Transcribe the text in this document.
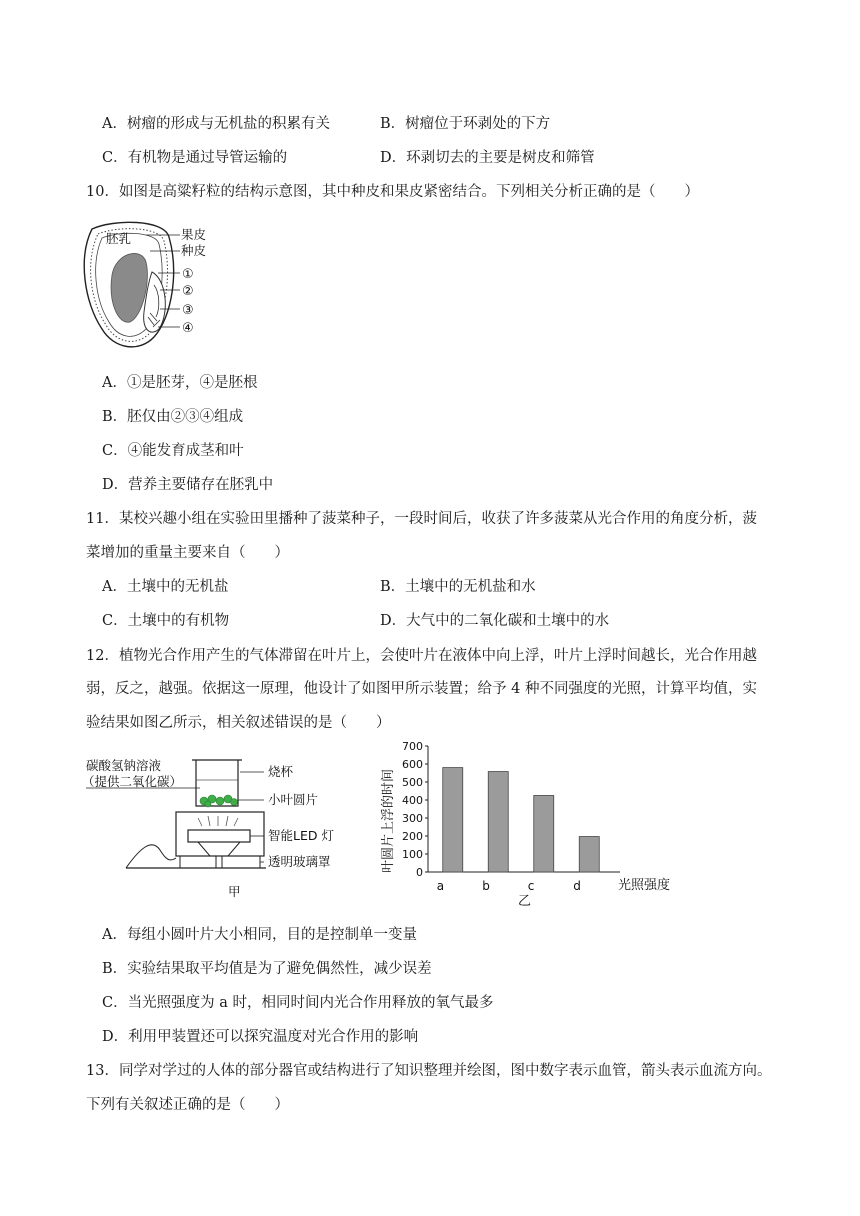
A．树瘤的形成与无机盐的积累有关	B．树瘤位于环剥处的下方
C．有机物是通过导管运输的	D．环剥切去的主要是树皮和筛管
10．如图是高粱籽粒的结构示意图，其中种皮和果皮紧密结合。下列相关分析正确的是（　　）
胚乳	果皮
种皮
①
②
③
④
A．①是胚芽，④是胚根
B．胚仅由②③④组成
C．④能发育成茎和叶
D．营养主要储存在胚乳中
11．某校兴趣小组在实验田里播种了菠菜种子，一段时间后，收获了许多菠菜从光合作用的角度分析，菠
菜增加的重量主要来自（　　）
A．土壤中的无机盐	B．土壤中的无机盐和水
C．土壤中的有机物	D．大气中的二氧化碳和土壤中的水
12．植物光合作用产生的气体滞留在叶片上，会使叶片在液体中向上浮，叶片上浮时间越长，光合作用越
弱，反之，越强。依据这一原理，他设计了如图甲所示装置；给予 4 种不同强度的光照，计算平均值，实
验结果如图乙所示，相关叙述错误的是（　　）
碳酸氢钠溶液
（提供二氧化碳）
烧杯
小叶圆片
智能LED 灯
透明玻璃罩
甲
叶圆片上浮的时间 0
100
200
300
400
500
600
700
a	b	c	d	光照强度
乙
A．每组小圆叶片大小相同，目的是控制单一变量
B．实验结果取平均值是为了避免偶然性，减少误差
C．当光照强度为 a 时，相同时间内光合作用释放的氧气最多
D．利用甲装置还可以探究温度对光合作用的影响
13．同学对学过的人体的部分器官或结构进行了知识整理并绘图，图中数字表示血管，箭头表示血流方向。
下列有关叙述正确的是（　　）
